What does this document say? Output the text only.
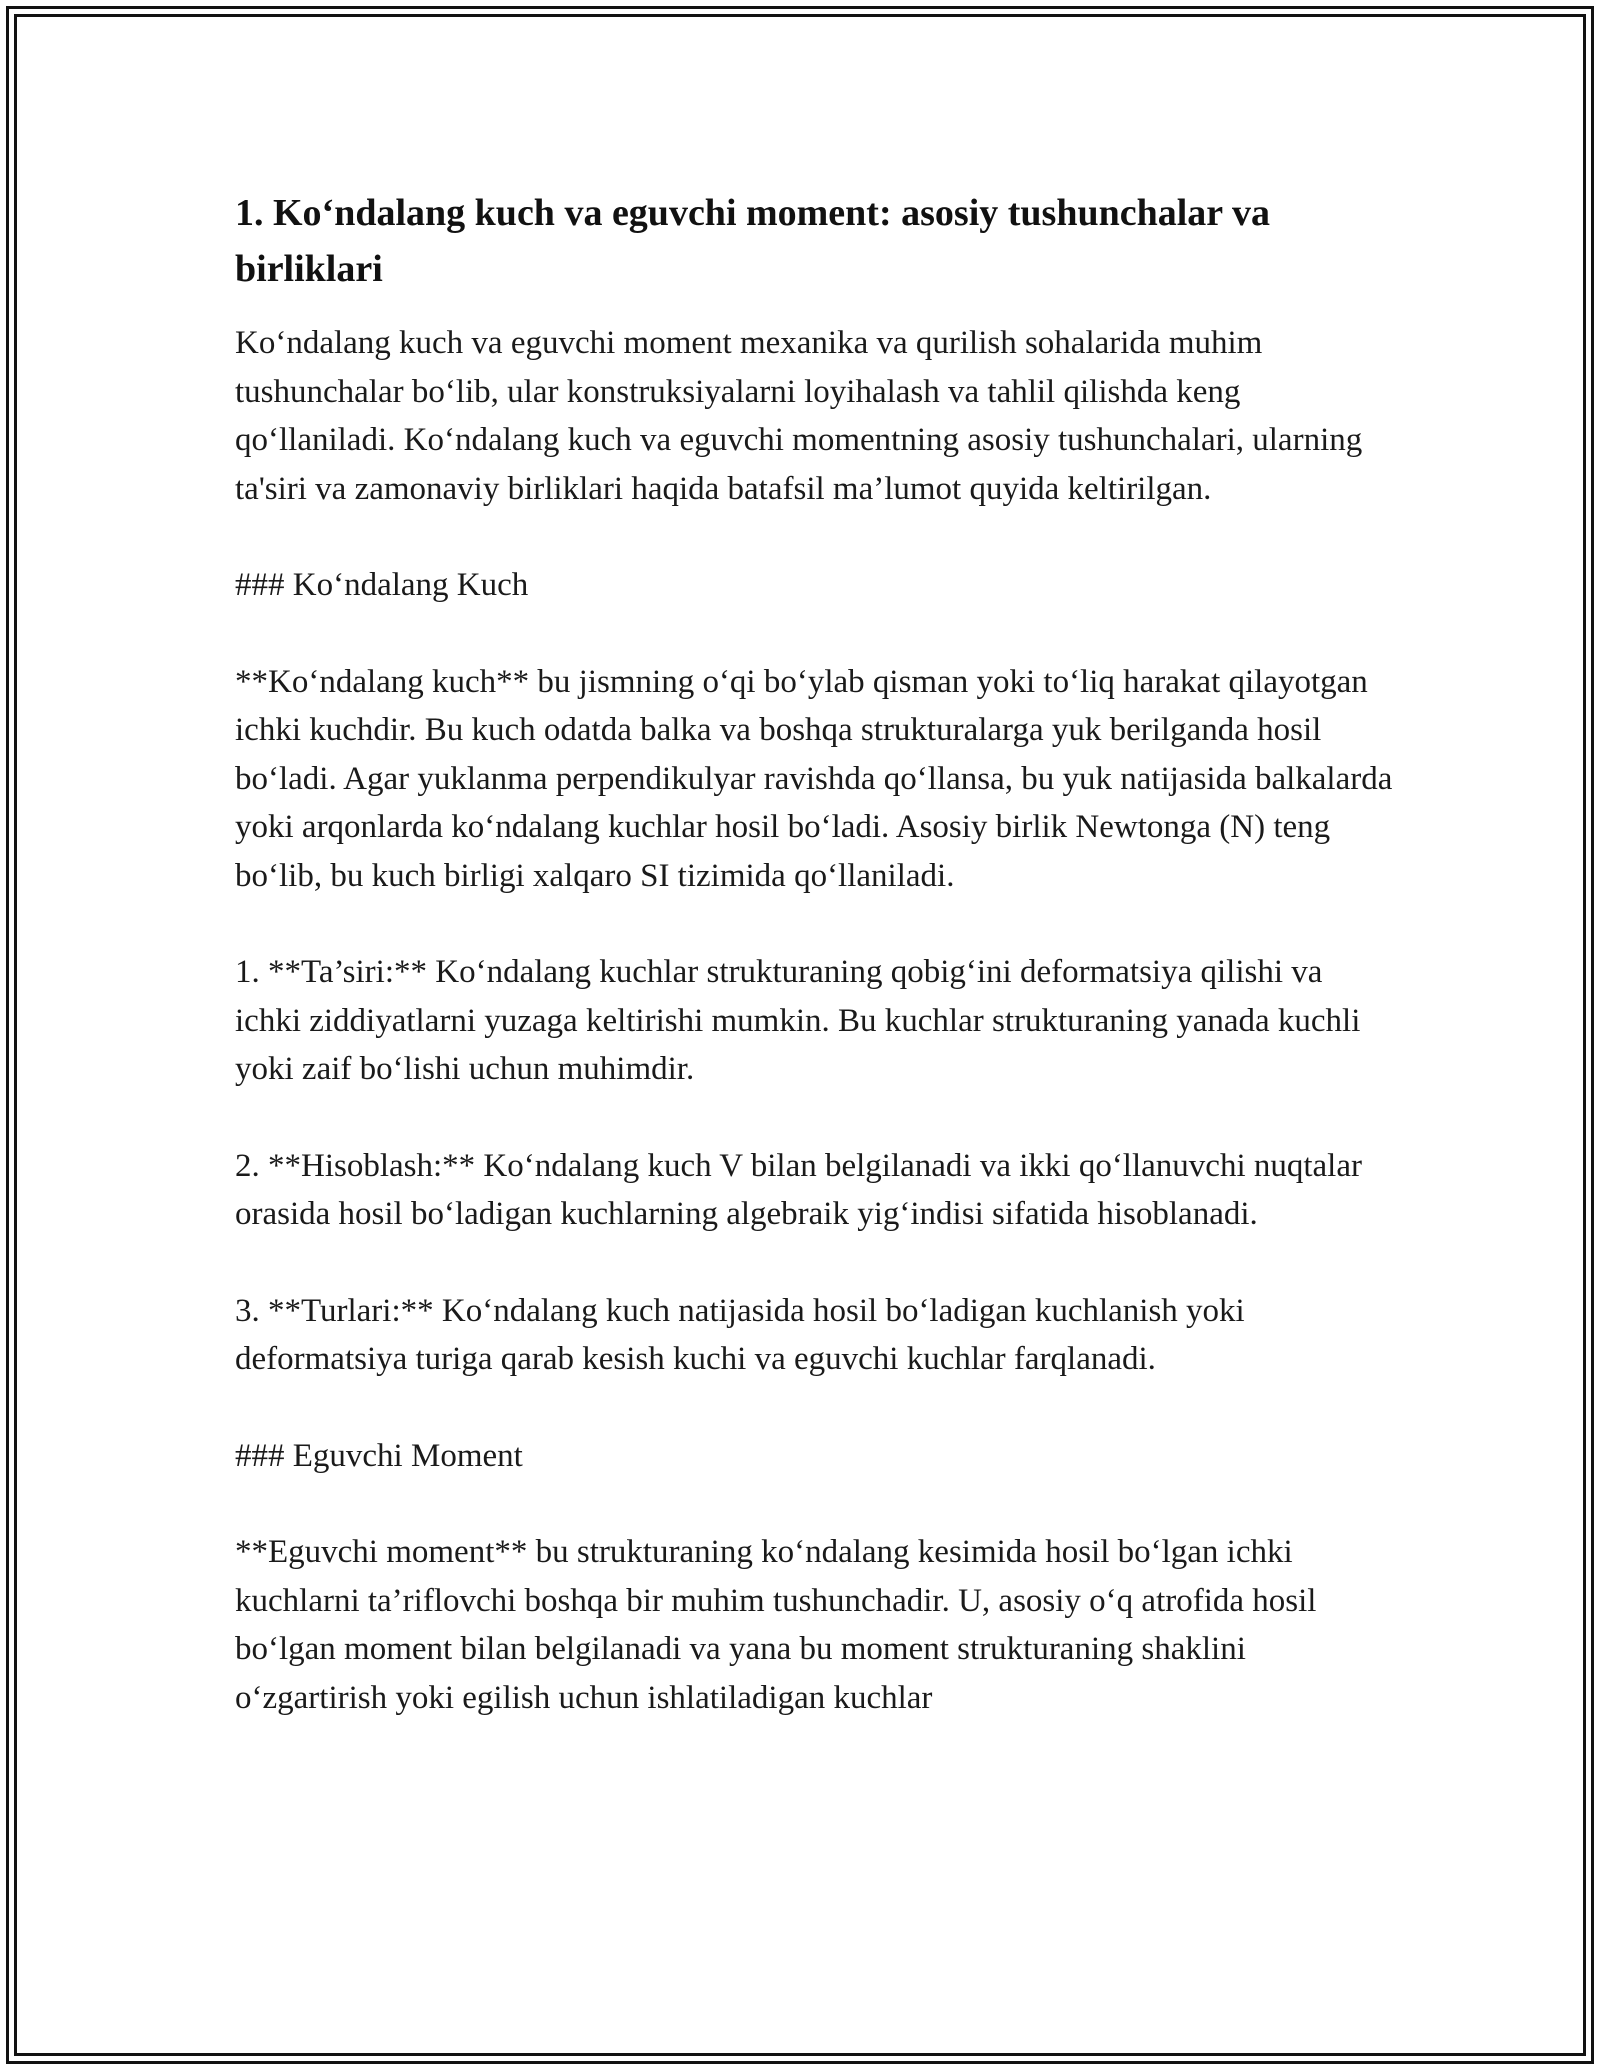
1. Ko‘ndalang kuch va eguvchi moment: asosiy tushunchalar va birliklari

Ko‘ndalang kuch va eguvchi moment mexanika va qurilish sohalarida muhim tushunchalar bo‘lib, ular konstruksiyalarni loyihalash va tahlil qilishda keng qo‘llaniladi. Ko‘ndalang kuch va eguvchi momentning asosiy tushunchalari, ularning ta'siri va zamonaviy birliklari haqida batafsil ma’lumot quyida keltirilgan.

### Ko‘ndalang Kuch

**Ko‘ndalang kuch** bu jismning o‘qi bo‘ylab qisman yoki to‘liq harakat qilayotgan ichki kuchdir. Bu kuch odatda balka va boshqa strukturalarga yuk berilganda hosil bo‘ladi. Agar yuklanma perpendikulyar ravishda qo‘llansa, bu yuk natijasida balkalarda yoki arqonlarda ko‘ndalang kuchlar hosil bo‘ladi. Asosiy birlik Newtonga (N) teng bo‘lib, bu kuch birligi xalqaro SI tizimida qo‘llaniladi.

1. **Ta’siri:** Ko‘ndalang kuchlar strukturaning qobig‘ini deformatsiya qilishi va ichki ziddiyatlarni yuzaga keltirishi mumkin. Bu kuchlar strukturaning yanada kuchli yoki zaif bo‘lishi uchun muhimdir.

2. **Hisoblash:** Ko‘ndalang kuch V bilan belgilanadi va ikki qo‘llanuvchi nuqtalar orasida hosil bo‘ladigan kuchlarning algebraik yig‘indisi sifatida hisoblanadi.

3. **Turlari:** Ko‘ndalang kuch natijasida hosil bo‘ladigan kuchlanish yoki deformatsiya turiga qarab kesish kuchi va eguvchi kuchlar farqlanadi.

### Eguvchi Moment

**Eguvchi moment** bu strukturaning ko‘ndalang kesimida hosil bo‘lgan ichki kuchlarni ta’riflovchi boshqa bir muhim tushunchadir. U, asosiy o‘q atrofida hosil bo‘lgan moment bilan belgilanadi va yana bu moment strukturaning shaklini o‘zgartirish yoki egilish uchun ishlatiladigan kuchlar
